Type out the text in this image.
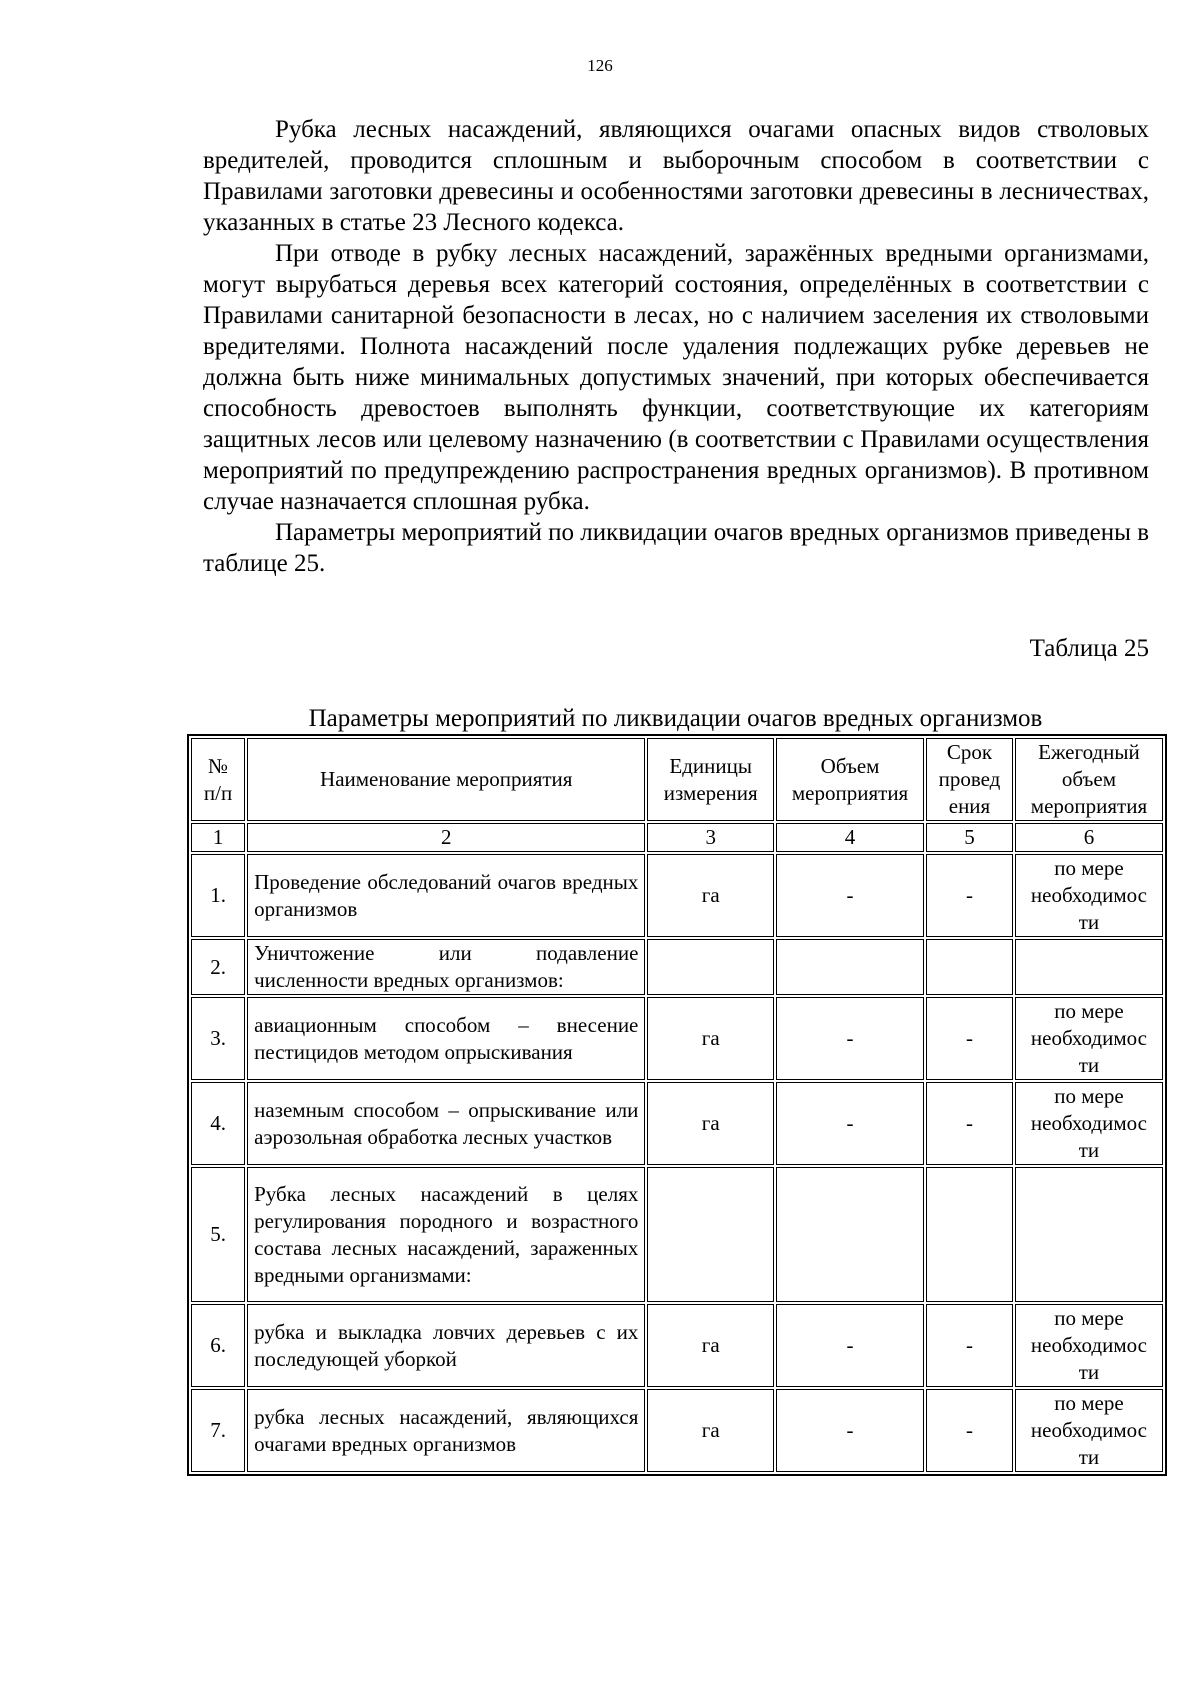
126

Рубка лесных насаждений, являющихся очагами опасных видов стволовых вредителей, проводится сплошным и выборочным способом в соответствии с Правилами заготовки древесины и особенностями заготовки древесины в лесничествах, указанных в статье 23 Лесного кодекса.

При отводе в рубку лесных насаждений, заражённых вредными организмами, могут вырубаться деревья всех категорий состояния, определённых в соответствии с Правилами санитарной безопасности в лесах, но с наличием заселения их стволовыми вредителями. Полнота насаждений после удаления подлежащих рубке деревьев не должна быть ниже минимальных допустимых значений, при которых обеспечивается способность древостоев выполнять функции, соответствующие их категориям защитных лесов или целевому назначению (в соответствии с Правилами осуществления мероприятий по предупреждению распространения вредных организмов). В противном случае назначается сплошная рубка.

Параметры мероприятий по ликвидации очагов вредных организмов приведены в таблице 25.

Таблица 25
Параметры мероприятий по ликвидации очагов вредных организмов
№ п/п	Наименование мероприятия	Единицы измерения	Объем мероприятия	Срок провед ения	Ежегодный объем мероприятия
1	2	3	4	5	6
1.	Проведение обследований очагов вредных организмов	га	-	-	по мере необходимос ти
2.	Уничтожение или подавление численности вредных организмов:				
3.	авиационным способом – внесение пестицидов методом опрыскивания	га	-	-	по мере необходимос ти
4.	наземным способом – опрыскивание или аэрозольная обработка лесных участков	га	-	-	по мере необходимос ти
5.	Рубка лесных насаждений в целях регулирования породного и возрастного состава лесных насаждений, зараженных вредными организмами:				
6.	рубка и выкладка ловчих деревьев с их последующей уборкой	га	-	-	по мере необходимос ти
7.	рубка лесных насаждений, являющихся очагами вредных организмов	га	-	-	по мере необходимос ти
